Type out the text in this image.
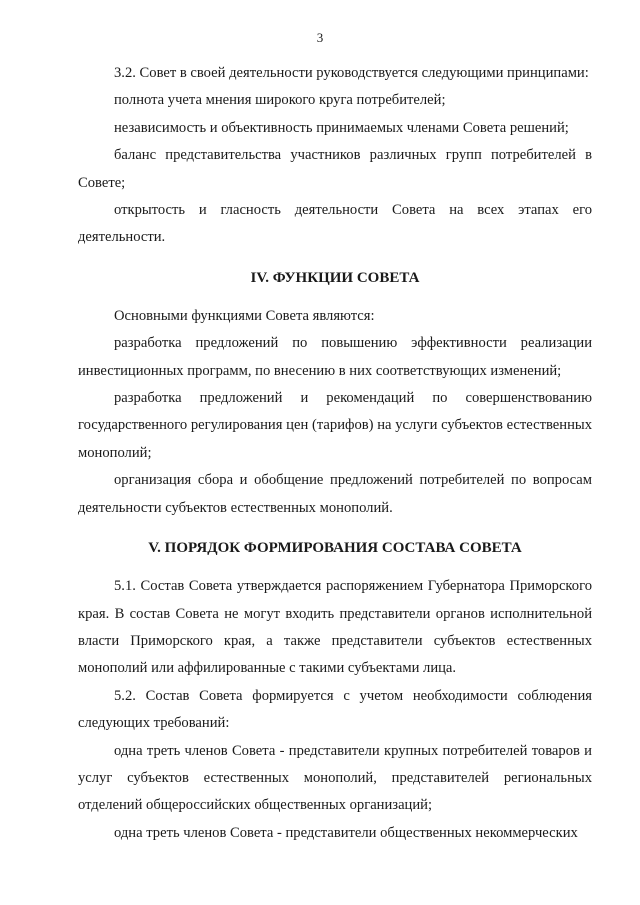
3

3.2. Совет в своей деятельности руководствуется следующими принципами:

полнота учета мнения широкого круга потребителей;

независимость и объективность принимаемых членами Совета решений;

баланс представительства участников различных групп потребителей в Совете;

открытость и гласность деятельности Совета на всех этапах его деятельности.

IV. ФУНКЦИИ СОВЕТА

Основными функциями Совета являются:

разработка предложений по повышению эффективности реализации инвестиционных программ, по внесению в них соответствующих изменений;

разработка предложений и рекомендаций по совершенствованию государственного регулирования цен (тарифов) на услуги субъектов естественных монополий;

организация сбора и обобщение предложений потребителей по вопросам деятельности субъектов естественных монополий.

V. ПОРЯДОК ФОРМИРОВАНИЯ СОСТАВА СОВЕТА

5.1. Состав Совета утверждается распоряжением Губернатора Приморского края. В состав Совета не могут входить представители органов исполнительной власти Приморского края, а также представители субъектов естественных монополий или аффилированные с такими субъектами лица.

5.2. Состав Совета формируется с учетом необходимости соблюдения следующих требований:

одна треть членов Совета - представители крупных потребителей товаров и услуг субъектов естественных монополий, представителей региональных отделений общероссийских общественных организаций;

одна треть членов Совета - представители общественных некоммерческих
